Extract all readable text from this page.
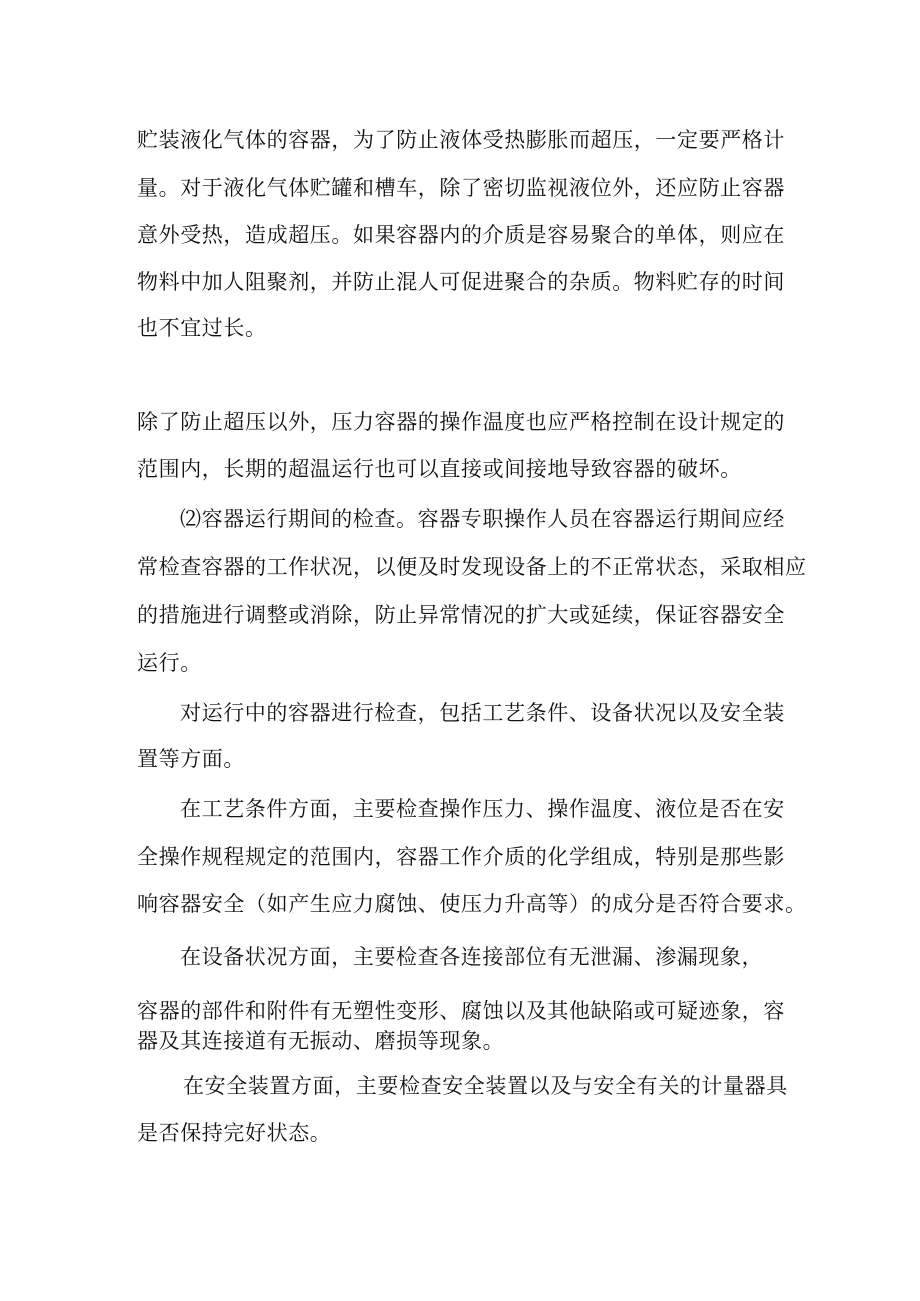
贮装液化气体的容器，为了防止液体受热膨胀而超压，一定要严格计
量。对于液化气体贮罐和槽车，除了密切监视液位外，还应防止容器
意外受热，造成超压。如果容器内的介质是容易聚合的单体，则应在
物料中加人阻聚剂，并防止混人可促进聚合的杂质。物料贮存的时间
也不宜过长。
除了防止超压以外，压力容器的操作温度也应严格控制在设计规定的
范围内，长期的超温运行也可以直接或间接地导致容器的破坏。
⑵容器运行期间的检查。容器专职操作人员在容器运行期间应经
常检查容器的工作状况，以便及时发现设备上的不正常状态，采取相应
的措施进行调整或消除，防止异常情况的扩大或延续，保证容器安全
运行。
对运行中的容器进行检查，包括工艺条件、设备状况以及安全装
置等方面。
在工艺条件方面，主要检查操作压力、操作温度、液位是否在安
全操作规程规定的范围内，容器工作介质的化学组成，特别是那些影
响容器安全（如产生应力腐蚀、使压力升高等）的成分是否符合要求。
在设备状况方面，主要检查各连接部位有无泄漏、渗漏现象，
容器的部件和附件有无塑性变形、腐蚀以及其他缺陷或可疑迹象，容
器及其连接道有无振动、磨损等现象。
在安全装置方面，主要检查安全装置以及与安全有关的计量器具
是否保持完好状态。
